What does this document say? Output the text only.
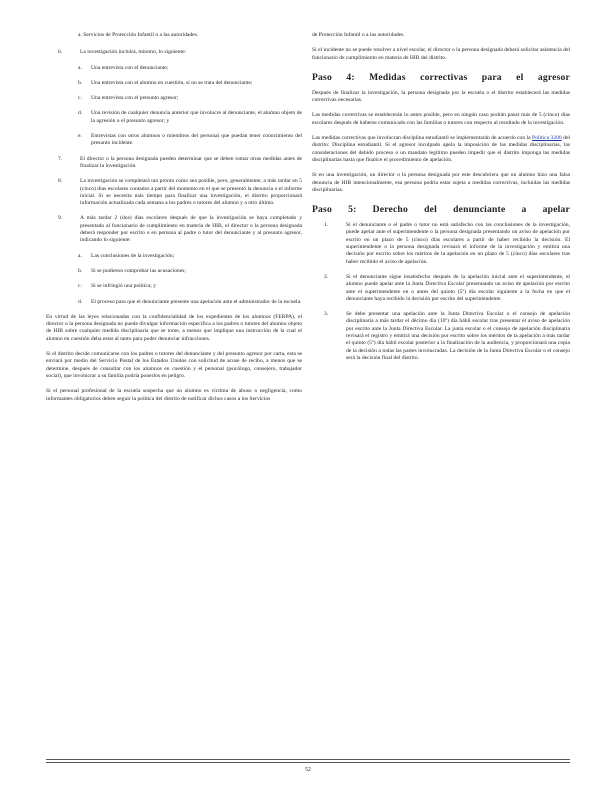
a. Servicios de Protección Infantil o a las autoridades.
6.	La investigación incluirá, mínimo, lo siguiente:
a.	Una entrevista con el denunciante;
b.	Una entrevista con el alumno en cuestión, si no se trata del denunciante;
c.	Una entrevista con el presunto agresor;
d.	Una revisión de cualquier denuncia anterior que involucre al denunciante, el alumno objeto de la agresión o el presunto agresor; y
e.	Entrevistas con otros alumnos o miembros del personal que puedan tener conocimiento del presunto incidente.
7.	El director o la persona designada pueden determinar que se deben tomar otras medidas antes de finalizar la investigación.
8.	La investigación se completará tan pronto como sea posible, pero, generalmente, a más tardar en 5 (cinco) días escolares contados a partir del momento en el que se presentó la denuncia o el informe inicial. Si se necesita más tiempo para finalizar una investigación, el distrito proporcionará información actualizada cada semana a los padres o tutores del alumno y a otro último.
9.	A más tardar 2 (dos) días escolares después de que la investigación se haya completado y presentado al funcionario de cumplimiento en materia de HIB, el director o la persona designada deberá responder por escrito o en persona al padre o tutor del denunciante y al presunto agresor, indicando lo siguiente:
a.	Las conclusiones de la investigación;
b.	Si se pudieron comprobar las acusaciones;
c.	Si se infringió una política; y
d.	El proceso para que el denunciante presente una apelación ante el administrador de la escuela.
En virtud de las leyes relacionadas con la confidencialidad de los expedientes de los alumnos (FERPA), el director o la persona designada no puede divulgar información específica a los padres o tutores del alumno objeto de HIB sobre cualquier medida disciplinaria que se tome, a menos que implique una instrucción de la cual el alumno en cuestión deba estar al tanto para poder denunciar infracciones.
Si el distrito decide comunicarse con los padres o tutores del denunciante y del presunto agresor por carta, esta se enviará por medio del Servicio Postal de los Estados Unidos con solicitud de acuse de recibo, a menos que se determine, después de consultar con los alumnos en cuestión y el personal (psicólogo, consejero, trabajador social), que involucrar a su familia podría ponerlos en peligro.
Si el personal profesional de la escuela sospecha que un alumno es víctima de abuso o negligencia, como informantes obligatorios deben seguir la política del distrito de notificar dichos casos a los Servicios
de Protección Infantil o a las autoridades.
Si el incidente no se puede resolver a nivel escolar, el director o la persona designada deberá solicitar asistencia del funcionario de cumplimiento en materia de HIB del distrito.
Paso 4: Medidas correctivas para el agresor
Después de finalizar la investigación, la persona designada por la escuela o el distrito establecerá las medidas correctivas necesarias.
Las medidas correctivas se establecerán lo antes posible, pero en ningún caso podrán pasar más de 5 (cinco) días escolares después de haberse comunicado con las familias o tutores con respecto al resultado de la investigación.
Las medidas correctivas que involucran disciplina estudiantil se implementarán de acuerdo con la Política 3200 del distrito: Disciplina estudiantil. Si el agresor inculpado apela la imposición de las medidas disciplinarias, las consideraciones del debido proceso o un mandato legítimo pueden impedir que el distrito imponga las medidas disciplinarias hasta que finalice el procedimiento de apelación.
Si en una investigación, un director o la persona designada por este descubriera que un alumno hizo una falsa denuncia de HIB intencionalmente, esa persona podría estar sujeta a medidas correctivas, incluidas las medidas disciplinarias.
Paso 5: Derecho del denunciante a apelar
1.	Si el denunciante o el padre o tutor no está satisfecho con las conclusiones de la investigación, puede apelar ante el superintendente o la persona designada presentando un aviso de apelación por escrito en un plazo de 5 (cinco) días escolares a partir de haber recibido la decisión. El superintendente o la persona designada revisará el informe de la investigación y emitirá una decisión por escrito sobre los méritos de la apelación en un plazo de 5 (cinco) días escolares tras haber recibido el aviso de apelación.
2.	Si el denunciante sigue insatisfecho después de la apelación inicial ante el superintendente, el alumno puede apelar ante la Junta Directiva Escolar presentando un aviso de apelación por escrito ante el superintendente en o antes del quinto (5º) día escolar siguiente a la fecha en que el denunciante haya recibido la decisión por escrito del superintendente.
3.	Se debe presentar una apelación ante la Junta Directiva Escolar o el consejo de apelación disciplinaria a más tardar el décimo día (10º) día hábil escolar tras presentar el aviso de apelación por escrito ante la Junta Directiva Escolar. La junta escolar o el consejo de apelación disciplinaria revisará el registro y emitirá una decisión por escrito sobre los méritos de la apelación a más tardar el quinto (5º) día hábil escolar posterior a la finalización de la audiencia, y proporcionará una copia de la decisión a todas las partes involucradas. La decisión de la Junta Directiva Escolar o el consejo será la decisión final del distrito.
52
